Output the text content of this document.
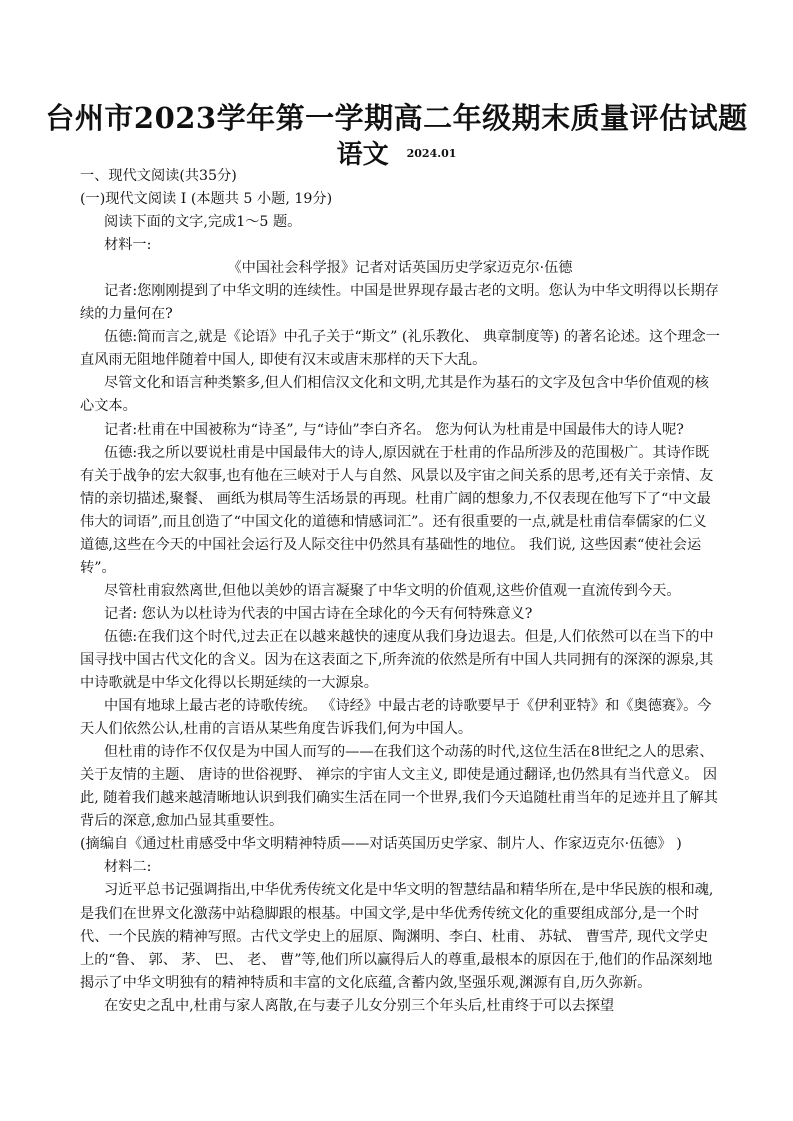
台州市2023学年第一学期高二年级期末质量评估试题
语文 $^{2024.01}$

一、现代文阅读(共35分)

(一)现代文阅读 I (本题共 5 小题, 19分)

阅读下面的文字,完成1～5 题。

材料一:

《中国社会科学报》记者对话英国历史学家迈克尔·伍德

记者:您刚刚提到了中华文明的连续性。中国是世界现存最古老的文明。您认为中华文明得以长期存续的力量何在?

伍德:简而言之,就是《论语》中孔子关于“斯文” (礼乐教化、 典章制度等) 的著名论述。这个理念一直风雨无阻地伴随着中国人, 即使有汉末或唐末那样的天下大乱。

尽管文化和语言种类繁多,但人们相信汉文化和文明,尤其是作为基石的文字及包含中华价值观的核心文本。

记者:杜甫在中国被称为“诗圣”, 与“诗仙”李白齐名。 您为何认为杜甫是中国最伟大的诗人呢?

伍德:我之所以要说杜甫是中国最伟大的诗人,原因就在于杜甫的作品所涉及的范围极广。其诗作既有关于战争的宏大叙事,也有他在三峡对于人与自然、风景以及宇宙之间关系的思考,还有关于亲情、友情的亲切描述,聚餐、 画纸为棋局等生活场景的再现。杜甫广阔的想象力,不仅表现在他写下了“中文最伟大的词语”,而且创造了“中国文化的道德和情感词汇”。还有很重要的一点,就是杜甫信奉儒家的仁义道德,这些在今天的中国社会运行及人际交往中仍然具有基础性的地位。 我们说, 这些因素“使社会运转”。

尽管杜甫寂然离世,但他以美妙的语言凝聚了中华文明的价值观,这些价值观一直流传到今天。

记者: 您认为以杜诗为代表的中国古诗在全球化的今天有何特殊意义?

伍德:在我们这个时代,过去正在以越来越快的速度从我们身边退去。但是,人们依然可以在当下的中国寻找中国古代文化的含义。因为在这表面之下,所奔流的依然是所有中国人共同拥有的深深的源泉,其中诗歌就是中华文化得以长期延续的一大源泉。

中国有地球上最古老的诗歌传统。 《诗经》中最古老的诗歌要早于《伊利亚特》和《奥德赛》。今天人们依然公认,杜甫的言语从某些角度告诉我们,何为中国人。

但杜甫的诗作不仅仅是为中国人而写的——在我们这个动荡的时代,这位生活在8世纪之人的思索、 关于友情的主题、 唐诗的世俗视野、 禅宗的宇宙人文主义, 即使是通过翻译,也仍然具有当代意义。 因此, 随着我们越来越清晰地认识到我们确实生活在同一个世界,我们今天追随杜甫当年的足迹并且了解其背后的深意,愈加凸显其重要性。

(摘编自《通过杜甫感受中华文明精神特质——对话英国历史学家、制片人、作家迈克尔·伍德》 )

材料二:

习近平总书记强调指出,中华优秀传统文化是中华文明的智慧结晶和精华所在,是中华民族的根和魂,是我们在世界文化激荡中站稳脚跟的根基。中国文学,是中华优秀传统文化的重要组成部分,是一个时代、一个民族的精神写照。古代文学史上的屈原、陶渊明、李白、杜甫、 苏轼、 曹雪芹, 现代文学史上的“鲁、 郭、 茅、 巴、 老、 曹”等,他们所以赢得后人的尊重,最根本的原因在于,他们的作品深刻地揭示了中华文明独有的精神特质和丰富的文化底蕴,含蓄内敛,坚强乐观,渊源有自,历久弥新。

在安史之乱中,杜甫与家人离散,在与妻子儿女分别三个年头后,杜甫终于可以去探望
